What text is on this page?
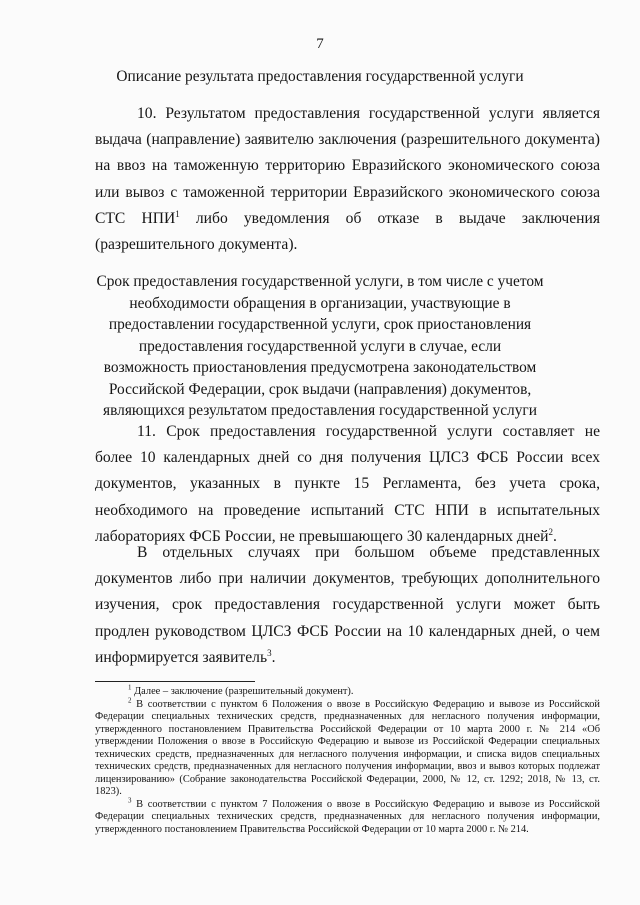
7
Описание результата предоставления государственной услуги
10. Результатом предоставления государственной услуги является выдача (направление) заявителю заключения (разрешительного документа) на ввоз на таможенную территорию Евразийского экономического союза или вывоз с таможенной территории Евразийского экономического союза СТС НПИ$^1$ либо уведомления об отказе в выдаче заключения (разрешительного документа).
Срок предоставления государственной услуги, в том числе с учетом необходимости обращения в организации, участвующие в предоставлении государственной услуги, срок приостановления предоставления государственной услуги в случае, если возможность приостановления предусмотрена законодательством Российской Федерации, срок выдачи (направления) документов, являющихся результатом предоставления государственной услуги
11. Срок предоставления государственной услуги составляет не более 10 календарных дней со дня получения ЦЛСЗ ФСБ России всех документов, указанных в пункте 15 Регламента, без учета срока, необходимого на проведение испытаний СТС НПИ в испытательных лабораториях ФСБ России, не превышающего 30 календарных дней$^2$.
В отдельных случаях при большом объеме представленных документов либо при наличии документов, требующих дополнительного изучения, срок предоставления государственной услуги может быть продлен руководством ЦЛСЗ ФСБ России на 10 календарных дней, о чем информируется заявитель$^3$.

$^1$ Далее – заключение (разрешительный документ).

$^2$ В соответствии с пунктом 6 Положения о ввозе в Российскую Федерацию и вывозе из Российской Федерации специальных технических средств, предназначенных для негласного получения информации, утвержденного постановлением Правительства Российской Федерации от 10 марта 2000 г. № 214 «Об утверждении Положения о ввозе в Российскую Федерацию и вывозе из Российской Федерации специальных технических средств, предназначенных для негласного получения информации, и списка видов специальных технических средств, предназначенных для негласного получения информации, ввоз и вывоз которых подлежат лицензированию» (Собрание законодательства Российской Федерации, 2000, № 12, ст. 1292; 2018, № 13, ст. 1823).

$^3$ В соответствии с пунктом 7 Положения о ввозе в Российскую Федерацию и вывозе из Российской Федерации специальных технических средств, предназначенных для негласного получения информации, утвержденного постановлением Правительства Российской Федерации от 10 марта 2000 г. № 214.
